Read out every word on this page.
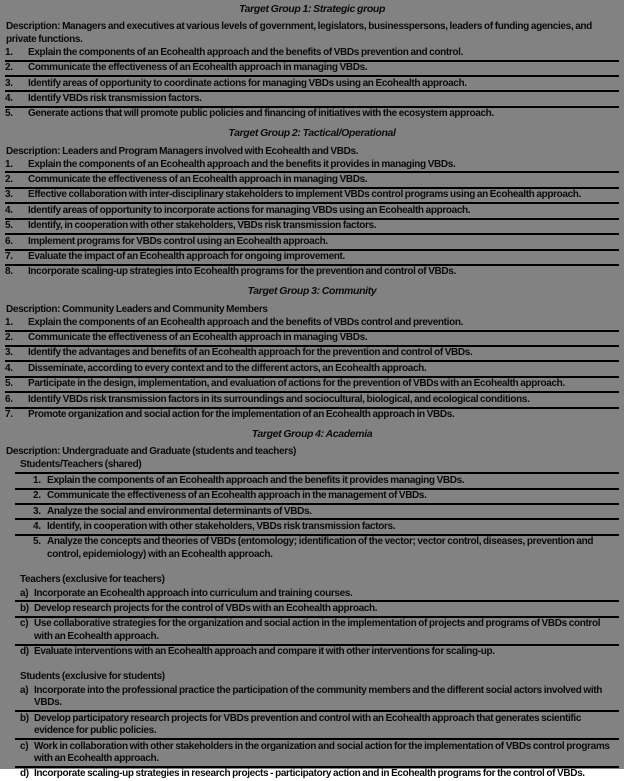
Target Group 1: Strategic group
Description: Managers and executives at various levels of government, legislators, businesspersons, leaders of funding agencies, and private functions.
1.	Explain the components of an Ecohealth approach and the benefits of VBDs prevention and control.
2.	Communicate the effectiveness of an Ecohealth approach in managing VBDs.
3.	Identify areas of opportunity to coordinate actions for managing VBDs using an Ecohealth approach.
4.	Identify VBDs risk transmission factors.
5.	Generate actions that will promote public policies and financing of initiatives with the ecosystem approach.
Target Group 2: Tactical/Operational
Description: Leaders and Program Managers involved with Ecohealth and VBDs.
1.	Explain the components of an Ecohealth approach and the benefits it provides in managing VBDs.
2.	Communicate the effectiveness of an Ecohealth approach in managing VBDs.
3.	Effective collaboration with inter-disciplinary stakeholders to implement VBDs control programs using an Ecohealth approach.
4.	Identify areas of opportunity to incorporate actions for managing VBDs using an Ecohealth approach.
5.	Identify, in cooperation with other stakeholders, VBDs risk transmission factors.
6.	Implement programs for VBDs control using an Ecohealth approach.
7.	Evaluate the impact of an Ecohealth approach for ongoing improvement.
8.	Incorporate scaling-up strategies into Ecohealth programs for the prevention and control of VBDs.
Target Group 3: Community
Description: Community Leaders and Community Members
1.	Explain the components of an Ecohealth approach and the benefits of VBDs control and prevention.
2.	Communicate the effectiveness of an Ecohealth approach in managing VBDs.
3.	Identify the advantages and benefits of an Ecohealth approach for the prevention and control of VBDs.
4.	Disseminate, according to every context and to the different actors, an Ecohealth approach.
5.	Participate in the design, implementation, and evaluation of actions for the prevention of VBDs with an Ecohealth approach.
6.	Identify VBDs risk transmission factors in its surroundings and sociocultural, biological, and ecological conditions.
7.	Promote organization and social action for the implementation of an Ecohealth approach in VBDs.
Target Group 4: Academia
Description: Undergraduate and Graduate (students and teachers)
Students/Teachers (shared)
1. Explain the components of an Ecohealth approach and the benefits it provides managing VBDs.
2. Communicate the effectiveness of an Ecohealth approach in the management of VBDs.
3. Analyze the social and environmental determinants of VBDs.
4. Identify, in cooperation with other stakeholders, VBDs risk transmission factors.
5. Analyze the concepts and theories of VBDs (entomology; identification of the vector; vector control, diseases, prevention and control, epidemiology) with an Ecohealth approach.
Teachers (exclusive for teachers)
a) Incorporate an Ecohealth approach into curriculum and training courses.
b) Develop research projects for the control of VBDs with an Ecohealth approach.
c) Use collaborative strategies for the organization and social action in the implementation of projects and programs of VBDs control with an Ecohealth approach.
d) Evaluate interventions with an Ecohealth approach and compare it with other interventions for scaling-up.
Students (exclusive for students)
a) Incorporate into the professional practice the participation of the community members and the different social actors involved with VBDs.
b) Develop participatory research projects for VBDs prevention and control with an Ecohealth approach that generates scientific evidence for public policies.
c) Work in collaboration with other stakeholders in the organization and social action for the implementation of VBDs control programs with an Ecohealth approach.
d) Incorporate scaling-up strategies in research projects - participatory action and in Ecohealth programs for the control of VBDs.
